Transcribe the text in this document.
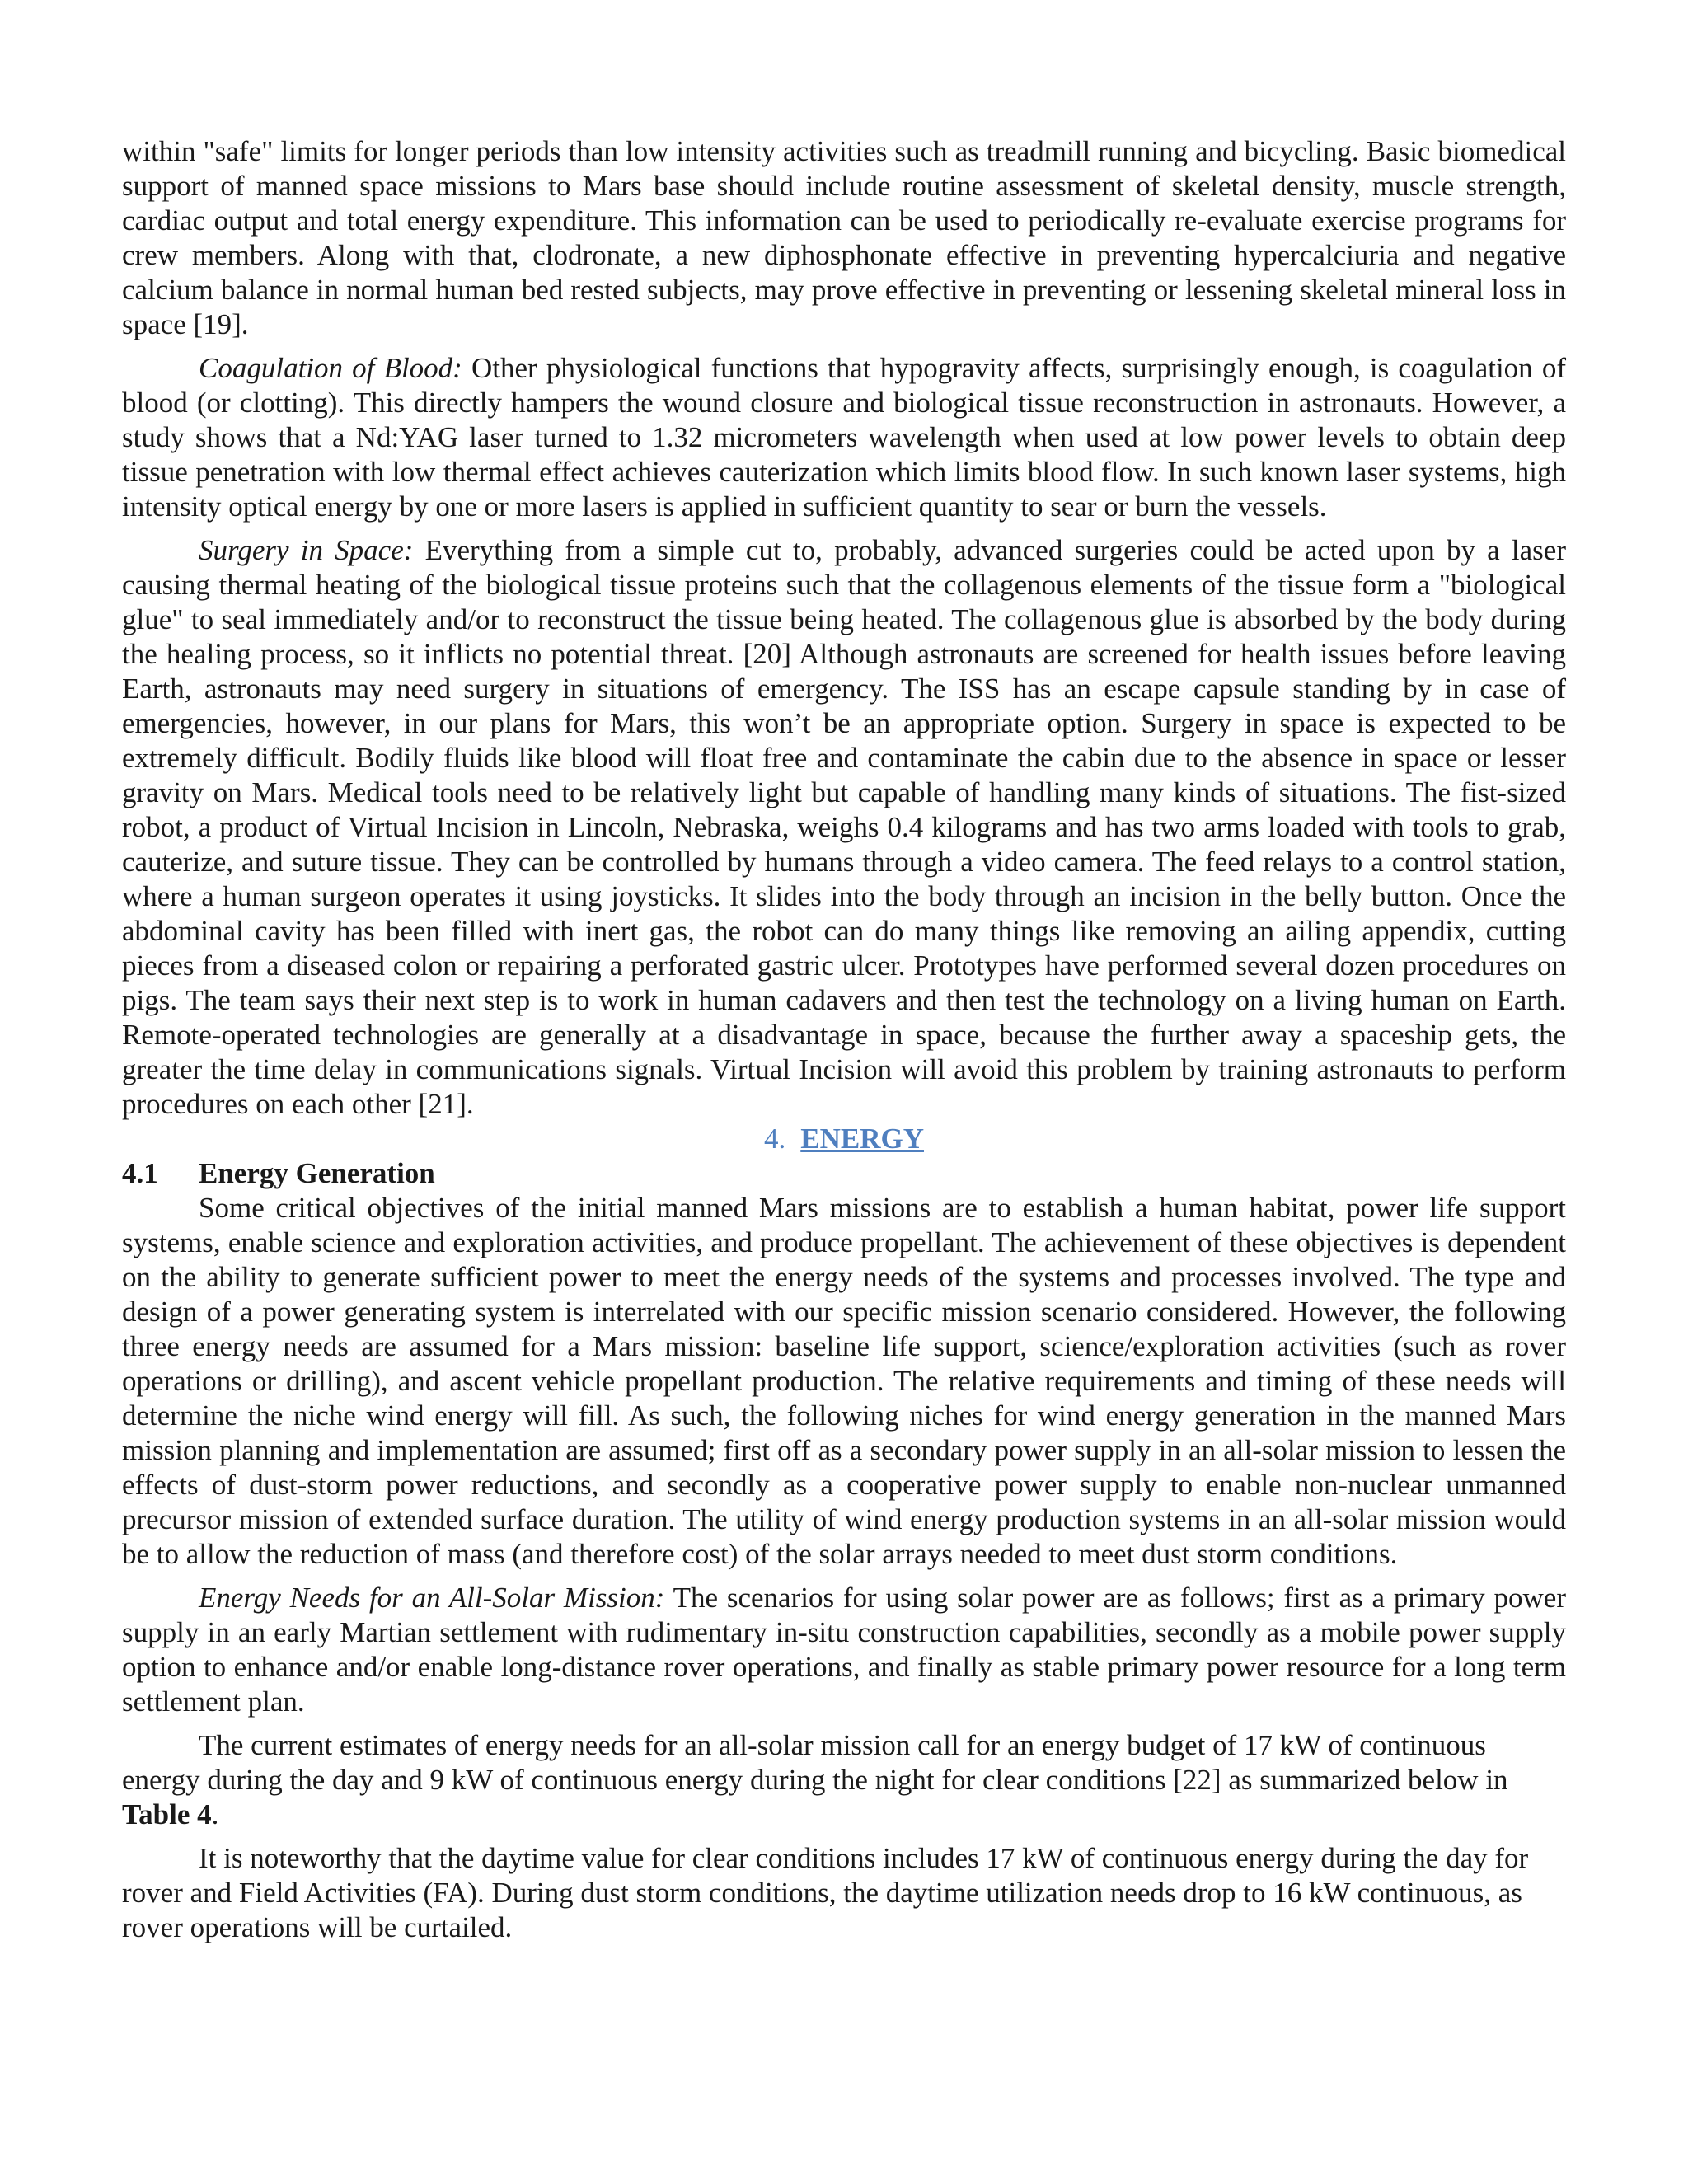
within "safe" limits for longer periods than low intensity activities such as treadmill running and bicycling. Basic biomedical support of manned space missions to Mars base should include routine assessment of skeletal density, muscle strength, cardiac output and total energy expenditure. This information can be used to periodically re-evaluate exercise programs for crew members. Along with that, clodronate, a new diphosphonate effective in preventing hypercalciuria and negative calcium balance in normal human bed rested subjects, may prove effective in preventing or lessening skeletal mineral loss in space [19].

Coagulation of Blood: Other physiological functions that hypogravity affects, surprisingly enough, is coagulation of blood (or clotting). This directly hampers the wound closure and biological tissue reconstruction in astronauts. However, a study shows that a Nd:YAG laser turned to 1.32 micrometers wavelength when used at low power levels to obtain deep tissue penetration with low thermal effect achieves cauterization which limits blood flow. In such known laser systems, high intensity optical energy by one or more lasers is applied in sufficient quantity to sear or burn the vessels.

Surgery in Space: Everything from a simple cut to, probably, advanced surgeries could be acted upon by a laser causing thermal heating of the biological tissue proteins such that the collagenous elements of the tissue form a "biological glue" to seal immediately and/or to reconstruct the tissue being heated. The collagenous glue is absorbed by the body during the healing process, so it inflicts no potential threat. [20] Although astronauts are screened for health issues before leaving Earth, astronauts may need surgery in situations of emergency. The ISS has an escape capsule standing by in case of emergencies, however, in our plans for Mars, this won’t be an appropriate option. Surgery in space is expected to be extremely difficult. Bodily fluids like blood will float free and contaminate the cabin due to the absence in space or lesser gravity on Mars. Medical tools need to be relatively light but capable of handling many kinds of situations. The fist-sized robot, a product of Virtual Incision in Lincoln, Nebraska, weighs 0.4 kilograms and has two arms loaded with tools to grab, cauterize, and suture tissue. They can be controlled by humans through a video camera. The feed relays to a control station, where a human surgeon operates it using joysticks. It slides into the body through an incision in the belly button. Once the abdominal cavity has been filled with inert gas, the robot can do many things like removing an ailing appendix, cutting pieces from a diseased colon or repairing a perforated gastric ulcer. Prototypes have performed several dozen procedures on pigs. The team says their next step is to work in human cadavers and then test the technology on a living human on Earth. Remote-operated technologies are generally at a disadvantage in space, because the further away a spaceship gets, the greater the time delay in communications signals. Virtual Incision will avoid this problem by training astronauts to perform procedures on each other [21].

4. ENERGY
4.1 Energy Generation

Some critical objectives of the initial manned Mars missions are to establish a human habitat, power life support systems, enable science and exploration activities, and produce propellant. The achievement of these objectives is dependent on the ability to generate sufficient power to meet the energy needs of the systems and processes involved. The type and design of a power generating system is interrelated with our specific mission scenario considered. However, the following three energy needs are assumed for a Mars mission: baseline life support, science/exploration activities (such as rover operations or drilling), and ascent vehicle propellant production. The relative requirements and timing of these needs will determine the niche wind energy will fill. As such, the following niches for wind energy generation in the manned Mars mission planning and implementation are assumed; first off as a secondary power supply in an all-solar mission to lessen the effects of dust-storm power reductions, and secondly as a cooperative power supply to enable non-nuclear unmanned precursor mission of extended surface duration. The utility of wind energy production systems in an all-solar mission would be to allow the reduction of mass (and therefore cost) of the solar arrays needed to meet dust storm conditions.

Energy Needs for an All-Solar Mission: The scenarios for using solar power are as follows; first as a primary power supply in an early Martian settlement with rudimentary in-situ construction capabilities, secondly as a mobile power supply option to enhance and/or enable long-distance rover operations, and finally as stable primary power resource for a long term settlement plan.

The current estimates of energy needs for an all-solar mission call for an energy budget of 17 kW of continuous energy during the day and 9 kW of continuous energy during the night for clear conditions [22] as summarized below in Table 4.

It is noteworthy that the daytime value for clear conditions includes 17 kW of continuous energy during the day for rover and Field Activities (FA). During dust storm conditions, the daytime utilization needs drop to 16 kW continuous, as rover operations will be curtailed.
